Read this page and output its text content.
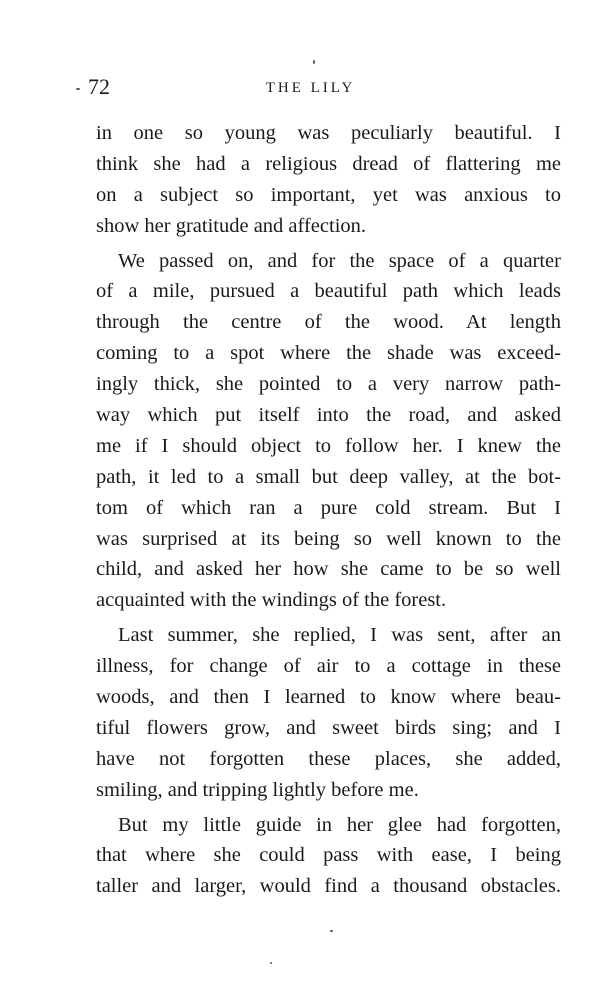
72	THE LILY
in one so young was peculiarly beautiful. I
think she had a religious dread of flattering me
on a subject so important, yet was anxious to
show her gratitude and affection.
We passed on, and for the space of a quarter
of a mile, pursued a beautiful path which leads
through the centre of the wood. At length
coming to a spot where the shade was exceed-
ingly thick, she pointed to a very narrow path-
way which put itself into the road, and asked
me if I should object to follow her. I knew the
path, it led to a small but deep valley, at the bot-
tom of which ran a pure cold stream. But I
was surprised at its being so well known to the
child, and asked her how she came to be so well
acquainted with the windings of the forest.
Last summer, she replied, I was sent, after an
illness, for change of air to a cottage in these
woods, and then I learned to know where beau-
tiful flowers grow, and sweet birds sing; and I
have not forgotten these places, she added,
smiling, and tripping lightly before me.
But my little guide in her glee had forgotten,
that where she could pass with ease, I being
taller and larger, would find a thousand obstacles.
